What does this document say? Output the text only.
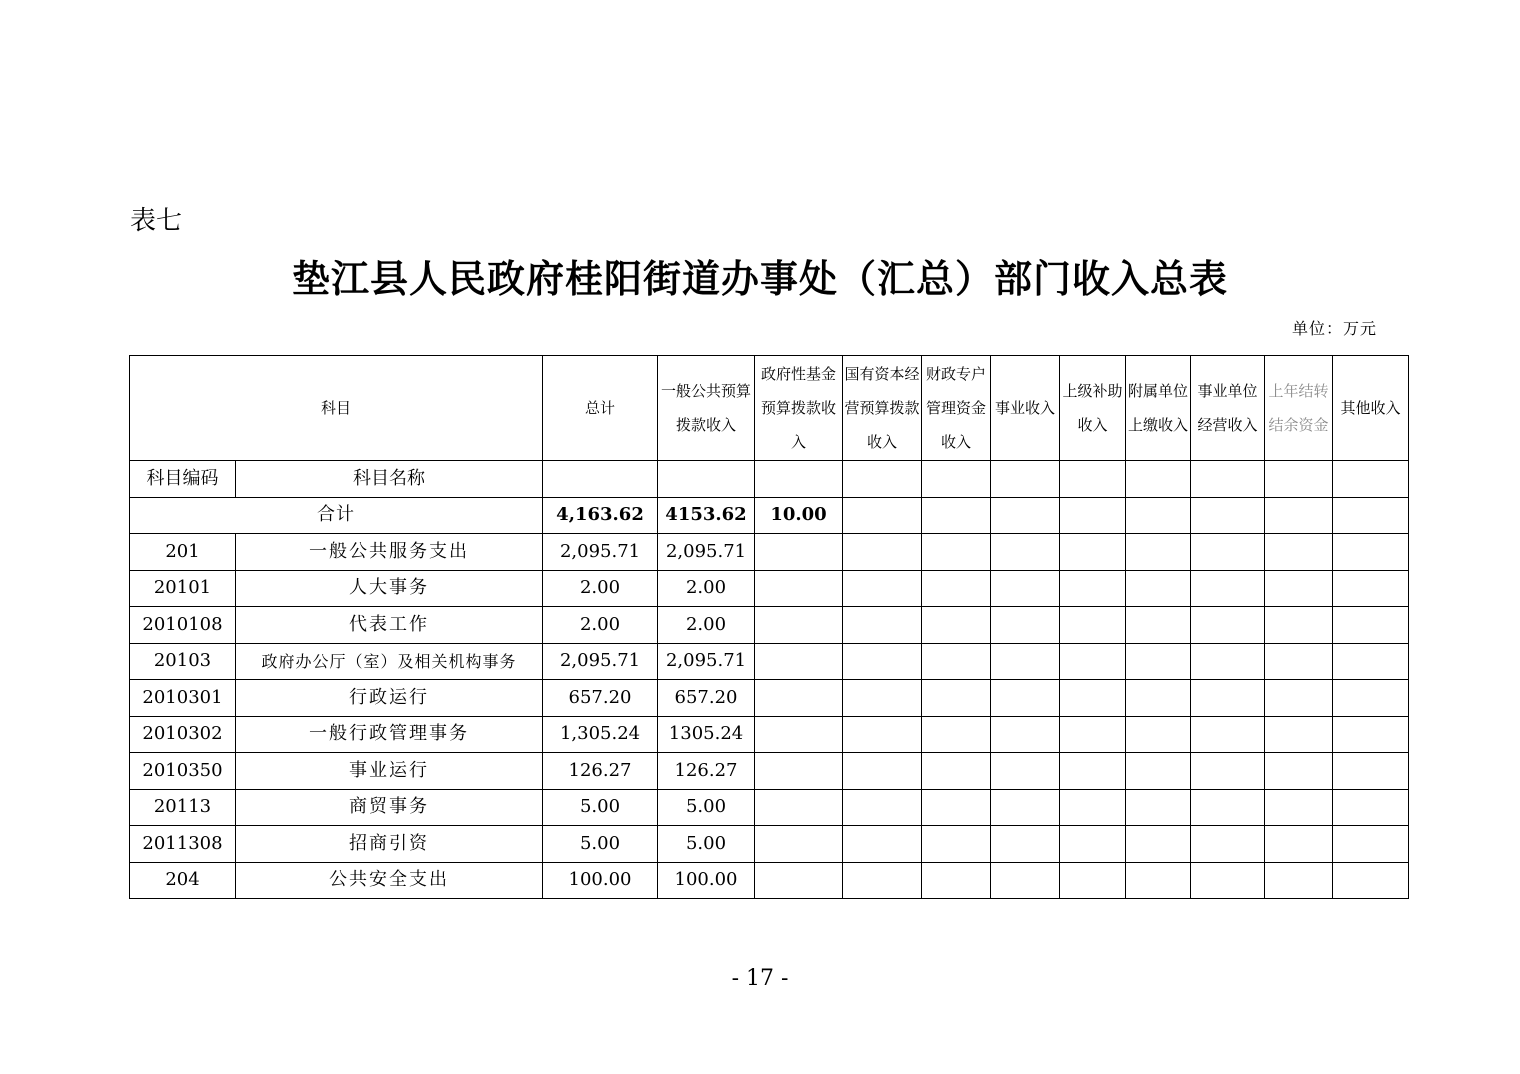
表七
垫江县人民政府桂阳街道办事处（汇总）部门收入总表
单位：万元
科目		总计	一般公共预算拨款收入	政府性基金预算拨款收入	国有资本经营预算拨款收入	财政专户管理资金收入	事业收入	上级补助收入	附属单位上缴收入	事业单位经营收入	上年结转结余资金	其他收入
科目编码	科目名称											
合计		4,163.62	4153.62	10.00								
201	一般公共服务支出	2,095.71	2,095.71									
20101	人大事务	2.00	2.00									
2010108	代表工作	2.00	2.00									
20103	政府办公厅（室）及相关机构事务	2,095.71	2,095.71									
2010301	行政运行	657.20	657.20									
2010302	一般行政管理事务	1,305.24	1305.24									
2010350	事业运行	126.27	126.27									
20113	商贸事务	5.00	5.00									
2011308	招商引资	5.00	5.00									
204	公共安全支出	100.00	100.00									
- 17 -
